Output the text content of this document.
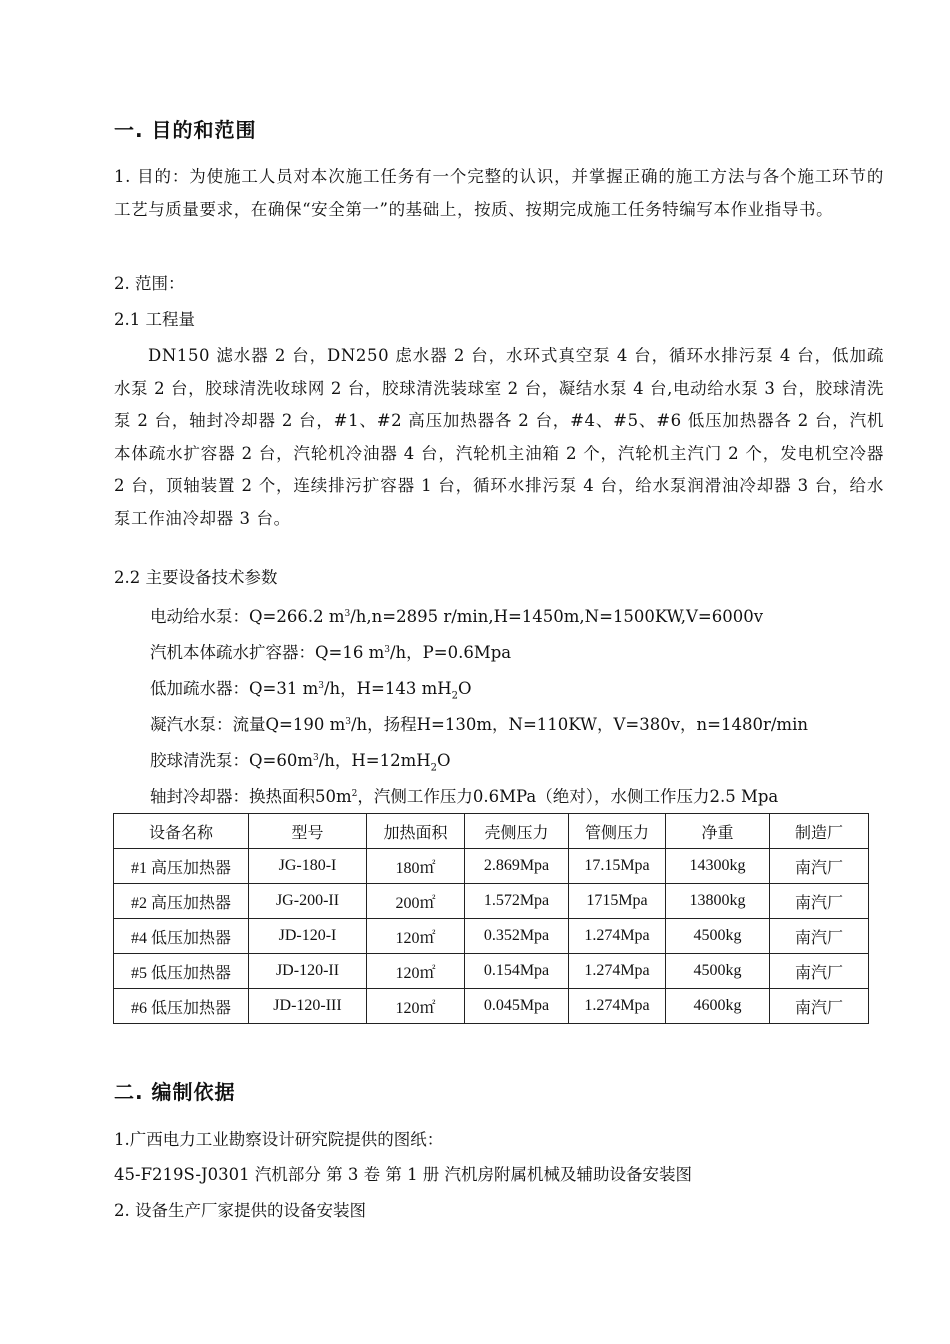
一. 目的和范围
1. 目的：为使施工人员对本次施工任务有一个完整的认识，并掌握正确的施工方法与各个施工环节的工艺与质量要求，在确保“安全第一”的基础上，按质、按期完成施工任务特编写本作业指导书。
2. 范围：
2.1 工程量
DN150 滤水器 2 台，DN250 虑水器 2 台，水环式真空泵 4 台，循环水排污泵 4 台，低加疏水泵 2 台，胶球清洗收球网 2 台，胶球清洗装球室 2 台，凝结水泵 4 台,电动给水泵 3 台，胶球清洗泵 2 台，轴封冷却器 2 台，#1、#2 高压加热器各 2 台，#4、#5、#6 低压加热器各 2 台，汽机本体疏水扩容器 2 台，汽轮机冷油器 4 台，汽轮机主油箱 2 个，汽轮机主汽门 2 个，发电机空冷器 2 台，顶轴装置 2 个，连续排污扩容器 1 台，循环水排污泵 4 台，给水泵润滑油冷却器 3 台，给水泵工作油冷却器 3 台。
2.2 主要设备技术参数
电动给水泵：Q=266.2 $m^3/h,n=2895$ r/min,H=1450m,N=1500KW,V=6000v
汽机本体疏水扩容器：Q=16 $m^3/h$，P=0.6Mpa
低加疏水器：Q=31 $m^3/h$，H=143 $mH_2O$
凝汽水泵：流量Q=190 $m^3/h$，扬程H=130m，N=110KW，V=380v，n=1480r/min
胶球清洗泵：$Q=60m^3/h$，$H=12mH_2O$
轴封冷却器：换热面积$50m^2$，汽侧工作压力0.6MPa（绝对），水侧工作压力2.5 Mpa
设备名称	型号	加热面积	壳侧压力	管侧压力	净重	制造厂
#1 高压加热器	JG-180-I	180㎡	2.869Mpa	17.15Mpa	14300kg	南汽厂
#2 高压加热器	JG-200-II	200㎡	1.572Mpa	1715Mpa	13800kg	南汽厂
#4 低压加热器	JD-120-I	120㎡	0.352Mpa	1.274Mpa	4500kg	南汽厂
#5 低压加热器	JD-120-II	120㎡	0.154Mpa	1.274Mpa	4500kg	南汽厂
#6 低压加热器	JD-120-III	120㎡	0.045Mpa	1.274Mpa	4600kg	南汽厂
二. 编制依据
1.广西电力工业勘察设计研究院提供的图纸：
45-F219S-J0301 汽机部分 第 3 卷 第 1 册 汽机房附属机械及辅助设备安装图
2. 设备生产厂家提供的设备安装图
